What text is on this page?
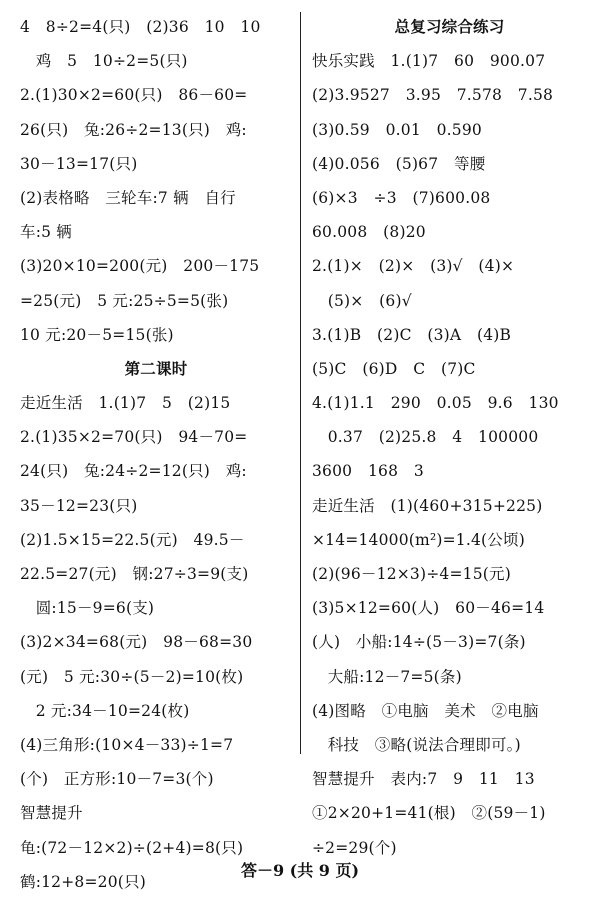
4　8÷2=4(只)　(2)36　10　10
　鸡　5　10÷2=5(只)
2.(1)30×2=60(只)　86－60=
26(只)　兔:26÷2=13(只)　鸡:
30－13=17(只)
(2)表格略　三轮车:7 辆　自行
车:5 辆
(3)20×10=200(元)　200－175
=25(元)　5 元:25÷5=5(张)
10 元:20－5=15(张)
第二课时
走近生活　1.(1)7　5　(2)15
2.(1)35×2=70(只)　94－70=
24(只)　兔:24÷2=12(只)　鸡:
35－12=23(只)
(2)1.5×15=22.5(元)　49.5－
22.5=27(元)　钢:27÷3=9(支)
　圆:15－9=6(支)
(3)2×34=68(元)　98－68=30
(元)　5 元:30÷(5－2)=10(枚)
　2 元:34－10=24(枚)
(4)三角形:(10×4－33)÷1=7
(个)　正方形:10－7=3(个)
智慧提升
龟:(72－12×2)÷(2+4)=8(只)
鹤:12+8=20(只)
总复习综合练习
快乐实践　1.(1)7　60　900.07
(2)3.9527　3.95　7.578　7.58
(3)0.59　0.01　0.590
(4)0.056　(5)67　等腰
(6)×3　÷3　(7)600.08
60.008　(8)20
2.(1)×　(2)×　(3)√　(4)×
　(5)×　(6)√
3.(1)B　(2)C　(3)A　(4)B
(5)C　(6)D　C　(7)C
4.(1)1.1　290　0.05　9.6　130
　0.37　(2)25.8　4　100000
3600　168　3
走近生活　(1)(460+315+225)
×14=14000(m²)=1.4(公顷)
(2)(96－12×3)÷4=15(元)
(3)5×12=60(人)　60－46=14
(人)　小船:14÷(5－3)=7(条)
　大船:12－7=5(条)
(4)图略　①电脑　美术　②电脑
　科技　③略(说法合理即可。)
智慧提升　表内:7　9　11　13
①2×20+1=41(根)　②(59－1)
÷2=29(个)
答－9 (共 9 页)
